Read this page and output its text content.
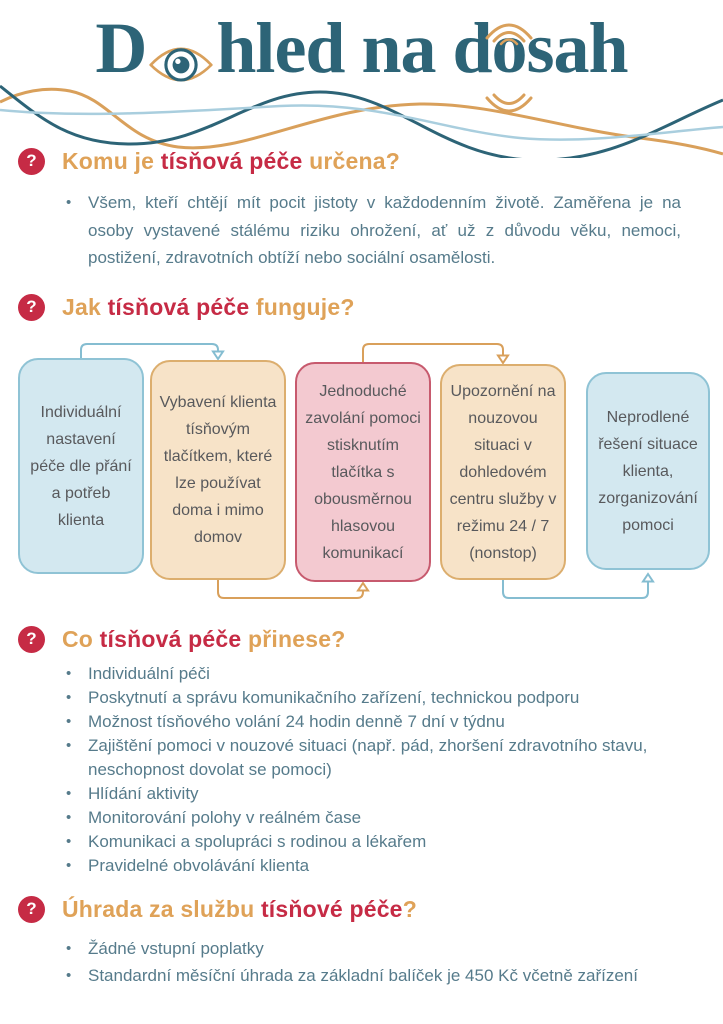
D hled na d o sah
?	Komu je tísňová péče určena?
• Všem, kteří chtějí mít pocit jistoty v každodenním životě. Zaměřena je na osoby vystavené stálému riziku ohrožení, ať už z důvodu věku, nemoci, postižení, zdravotních obtíží nebo sociální osamělosti.
?	Jak tísňová péče funguje?
Individuální nastavení péče dle přání a potřeb klienta
Vybavení klienta tísňovým tlačítkem, které lze používat doma i mimo domov
Jednoduché zavolání pomoci stisknutím tlačítka s obousměrnou hlasovou komunikací
Upozornění na nouzovou situaci v dohledovém centru služby v režimu 24 / 7 (nonstop)
Neprodlené řešení situace klienta, zorganizování pomoci
?	Co tísňová péče přinese?
• Individuální péči
• Poskytnutí a správu komunikačního zařízení, technickou podporu
• Možnost tísňového volání 24 hodin denně 7 dní v týdnu
• Zajištění pomoci v nouzové situaci (např. pád, zhoršení zdravotního stavu, neschopnost dovolat se pomoci)
• Hlídání aktivity
• Monitorování polohy v reálném čase
• Komunikaci a spolupráci s rodinou a lékařem
• Pravidelné obvolávání klienta
?	Úhrada za službu tísňové péče?
• Žádné vstupní poplatky
• Standardní měsíční úhrada za základní balíček je 450 Kč včetně zařízení
